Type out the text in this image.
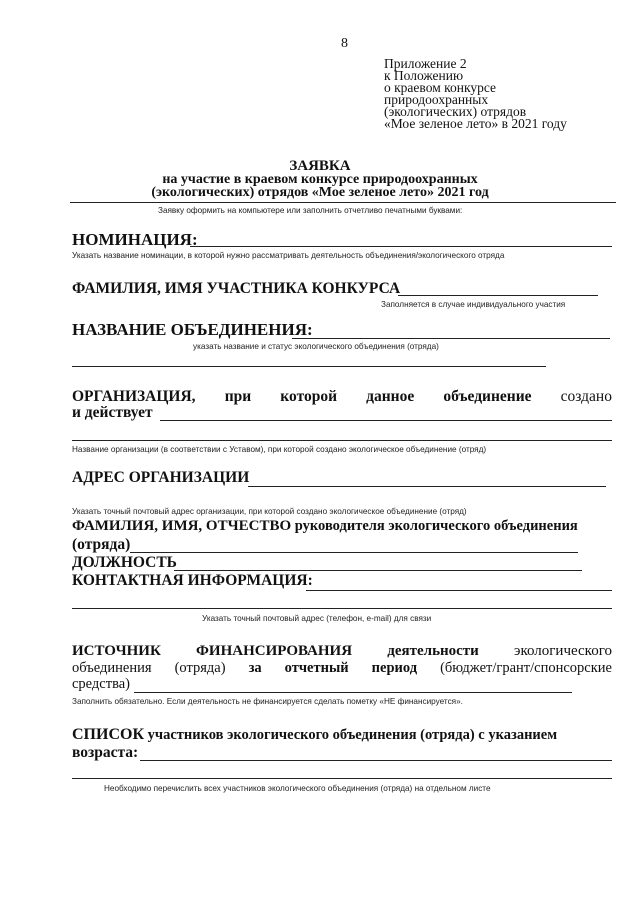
8
Приложение 2
к Положению
о краевом конкурсе
природоохранных
(экологических) отрядов
«Мое зеленое лето» в 2021 году
ЗАЯВКА
на участие в краевом конкурсе природоохранных
(экологических) отрядов «Мое зеленое лето» 2021 год
Заявку оформить на компьютере или заполнить отчетливо печатными буквами:
НОМИНАЦИЯ:
Указать название номинации, в которой нужно рассматривать деятельность объединения/экологического отряда
ФАМИЛИЯ, ИМЯ УЧАСТНИКА КОНКУРСА
Заполняется в случае индивидуального участия
НАЗВАНИЕ ОБЪЕДИНЕНИЯ:
указать название и статус экологического объединения (отряда)
ОРГАНИЗАЦИЯ, при которой данное объединение создано
и действует
Название организации (в соответствии с Уставом), при которой создано экологическое объединение (отряд)
АДРЕС ОРГАНИЗАЦИИ
Указать точный почтовый адрес организации, при которой создано экологическое объединение (отряд)
ФАМИЛИЯ, ИМЯ, ОТЧЕСТВО руководителя экологического объединения
(отряда)
ДОЛЖНОСТЬ
КОНТАКТНАЯ ИНФОРМАЦИЯ:
Указать точный почтовый адрес (телефон, e-mail) для связи
ИСТОЧНИК ФИНАНСИРОВАНИЯ деятельности экологического
объединения (отряда) за отчетный период (бюджет/грант/спонсорские
средства)
Заполнить обязательно. Если деятельность не финансируется сделать пометку «НЕ финансируется».
СПИСОК участников экологического объединения (отряда) с указанием
возраста:
Необходимо перечислить всех участников экологического объединения (отряда) на отдельном листе
